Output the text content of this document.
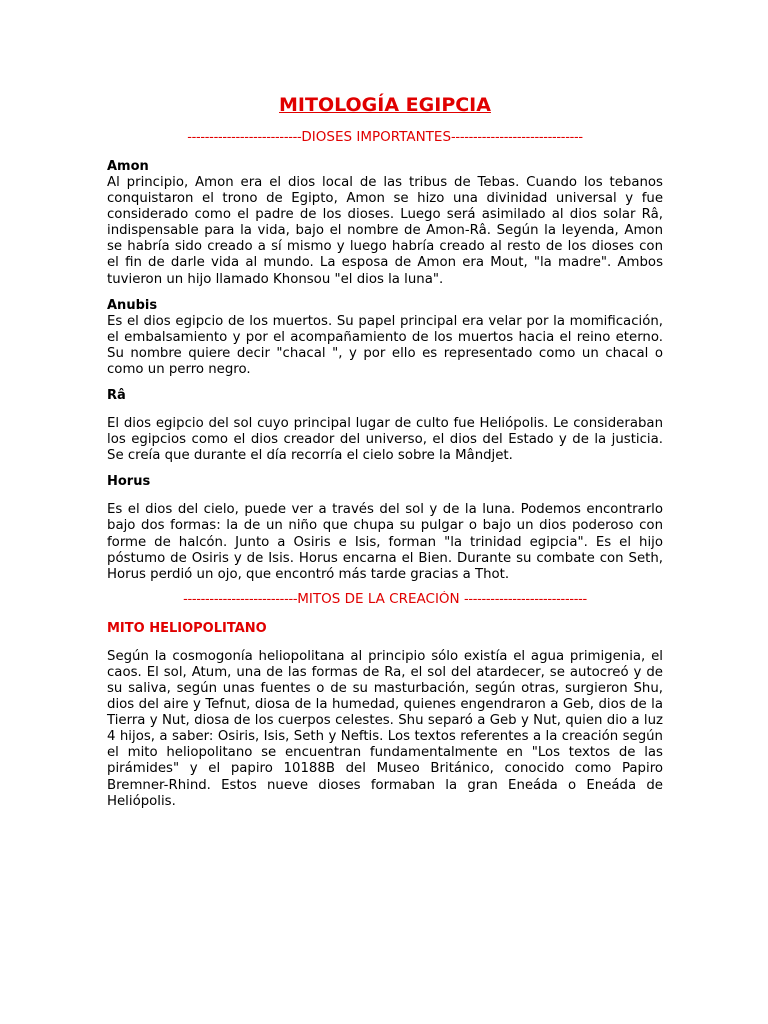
MITOLOGÍA EGIPCIA
--------------------------DIOSES IMPORTANTES------------------------------
Amon

Al principio, Amon era el dios local de las tribus de Tebas. Cuando los tebanos conquistaron el trono de Egipto, Amon se hizo una divinidad universal y fue considerado como el padre de los dioses. Luego será asimilado al dios solar Râ, indispensable para la vida, bajo el nombre de Amon-Râ. Según la leyenda, Amon se habría sido creado a sí mismo y luego habría creado al resto de los dioses con el fin de darle vida al mundo. La esposa de Amon era Mout, "la madre". Ambos tuvieron un hijo llamado Khonsou "el dios la luna".

Anubis

Es el dios egipcio de los muertos. Su papel principal era velar por la momificación, el embalsamiento y por el acompañamiento de los muertos hacia el reino eterno. Su nombre quiere decir "chacal ", y por ello es representado como un chacal o como un perro negro.

Râ

El dios egipcio del sol cuyo principal lugar de culto fue Heliópolis. Le consideraban los egipcios como el dios creador del universo, el dios del Estado y de la justicia. Se creía que durante el día recorría el cielo sobre la Mândjet.

Horus

Es el dios del cielo, puede ver a través del sol y de la luna. Podemos encontrarlo bajo dos formas: la de un niño que chupa su pulgar o bajo un dios poderoso con forme de halcón. Junto a Osiris e Isis, forman "la trinidad egipcia". Es el hijo póstumo de Osiris y de Isis. Horus encarna el Bien. Durante su combate con Seth, Horus perdió un ojo, que encontró más tarde gracias a Thot.

--------------------------MITOS DE LA CREACIÓN ----------------------------
MITO HELIOPOLITANO

Según la cosmogonía heliopolitana al principio sólo existía el agua primigenia, el caos. El sol, Atum, una de las formas de Ra, el sol del atardecer, se autocreó y de su saliva, según unas fuentes o de su masturbación, según otras, surgieron Shu, dios del aire y Tefnut, diosa de la humedad, quienes engendraron a Geb, dios de la Tierra y Nut, diosa de los cuerpos celestes. Shu separó a Geb y Nut, quien dio a luz 4 hijos, a saber: Osiris, Isis, Seth y Neftis. Los textos referentes a la creación según el mito heliopolitano se encuentran fundamentalmente en "Los textos de las pirámides" y el papiro 10188B del Museo Británico, conocido como Papiro Bremner-Rhind. Estos nueve dioses formaban la gran Eneáda o Eneáda de Heliópolis.
